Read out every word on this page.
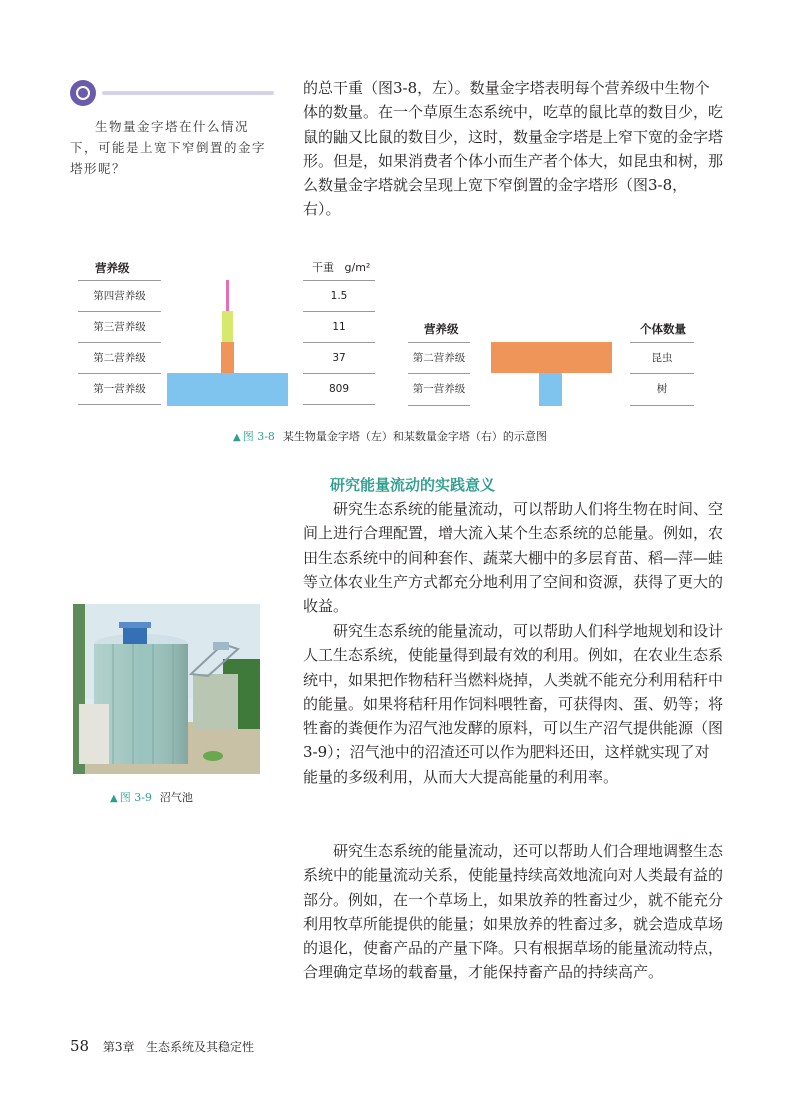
生物量金字塔在什么情况下，可能是上宽下窄倒置的金字塔形呢？

的总干重（图3-8，左）。数量金字塔表明每个营养级中生物个体的数量。在一个草原生态系统中，吃草的鼠比草的数目少，吃鼠的鼬又比鼠的数目少，这时，数量金字塔是上窄下宽的金字塔形。但是，如果消费者个体小而生产者个体大，如昆虫和树，那么数量金字塔就会呈现上宽下窄倒置的金字塔形（图3-8，右）。

营养级	干重 g/m²
第四营养级
第三营养级
第二营养级
第一营养级
1.5
11
37
809
营养级	个体数量
第二营养级
第一营养级
昆虫
树
▲ 图 3-8 某生物量金字塔（左）和某数量金字塔（右）的示意图
研究能量流动的实践意义

研究生态系统的能量流动，可以帮助人们将生物在时间、空间上进行合理配置，增大流入某个生态系统的总能量。例如，农田生态系统中的间种套作、蔬菜大棚中的多层育苗、稻—萍—蛙等立体农业生产方式都充分地利用了空间和资源，获得了更大的收益。

研究生态系统的能量流动，可以帮助人们科学地规划和设计人工生态系统，使能量得到最有效的利用。例如，在农业生态系统中，如果把作物秸秆当燃料烧掉，人类就不能充分利用秸秆中的能量。如果将秸秆用作饲料喂牲畜，可获得肉、蛋、奶等；将牲畜的粪便作为沼气池发酵的原料，可以生产沼气提供能源（图3-9）；沼气池中的沼渣还可以作为肥料还田，这样就实现了对能量的多级利用，从而大大提高能量的利用率。

研究生态系统的能量流动，还可以帮助人们合理地调整生态系统中的能量流动关系，使能量持续高效地流向对人类最有益的部分。例如，在一个草场上，如果放养的牲畜过少，就不能充分利用牧草所能提供的能量；如果放养的牲畜过多，就会造成草场的退化，使畜产品的产量下降。只有根据草场的能量流动特点，合理确定草场的载畜量，才能保持畜产品的持续高产。

▲ 图 3-9 沼气池
58 第3章 生态系统及其稳定性
